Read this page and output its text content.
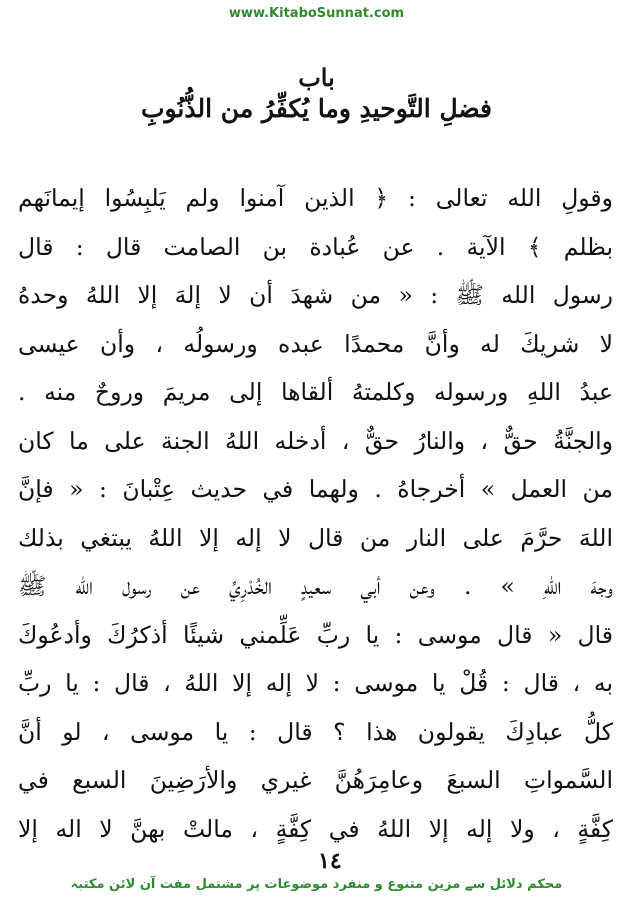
www.KitaboSunnat.com
باب
فضلِ التَّوحيدِ وما يُكفِّرُ من الذُّنُوبِ
وقولِ الله تعالى : ﴿ الذين آمنوا ولم يَلبِسُوا إيمانَهم
بظلم ﴾ الآية . عن عُبادة بن الصامت قال : قال
رسول الله ﷺ : « من شهدَ أن لا إلهَ إلا اللهُ وحدهُ
لا شريكَ له وأنَّ محمدًا عبده ورسولُه ، وأن عيسى
عبدُ اللهِ ورسوله وكلمتهُ ألقاها إلى مريمَ وروحٌ منه .
والجنَّةُ حقٌّ ، والنارُ حقٌّ ، أدخله اللهُ الجنة على ما كان
من العمل » أخرجاهُ . ولهما في حديث عِتْبانَ : « فإنَّ
اللهَ حرَّمَ على النار من قال لا إله إلا اللهُ يبتغي بذلك
وجهَ اللهِ » . وعن أبي سعيدٍ الخُدْرِيِّ عن رسول الله ﷺ
قال « قال موسى : يا ربِّ عَلِّمني شيئًا أذكرُكَ وأدعُوكَ
به ، قال : قُلْ يا موسى : لا إله إلا اللهُ ، قال : يا ربِّ
كلُّ عبادِكَ يقولون هذا ؟ قال : يا موسى ، لو أنَّ
السَّمواتِ السبعَ وعامِرَهُنَّ غيري والأرَضِينَ السبع في
كِفَّةٍ ، ولا إله إلا اللهُ في كِفَّةٍ ، مالتْ بهنَّ لا اله إلا
١٤
محکم دلائل سے مزین متنوع و منفرد موضوعات پر مشتمل مفت آن لائن مکتبہ
